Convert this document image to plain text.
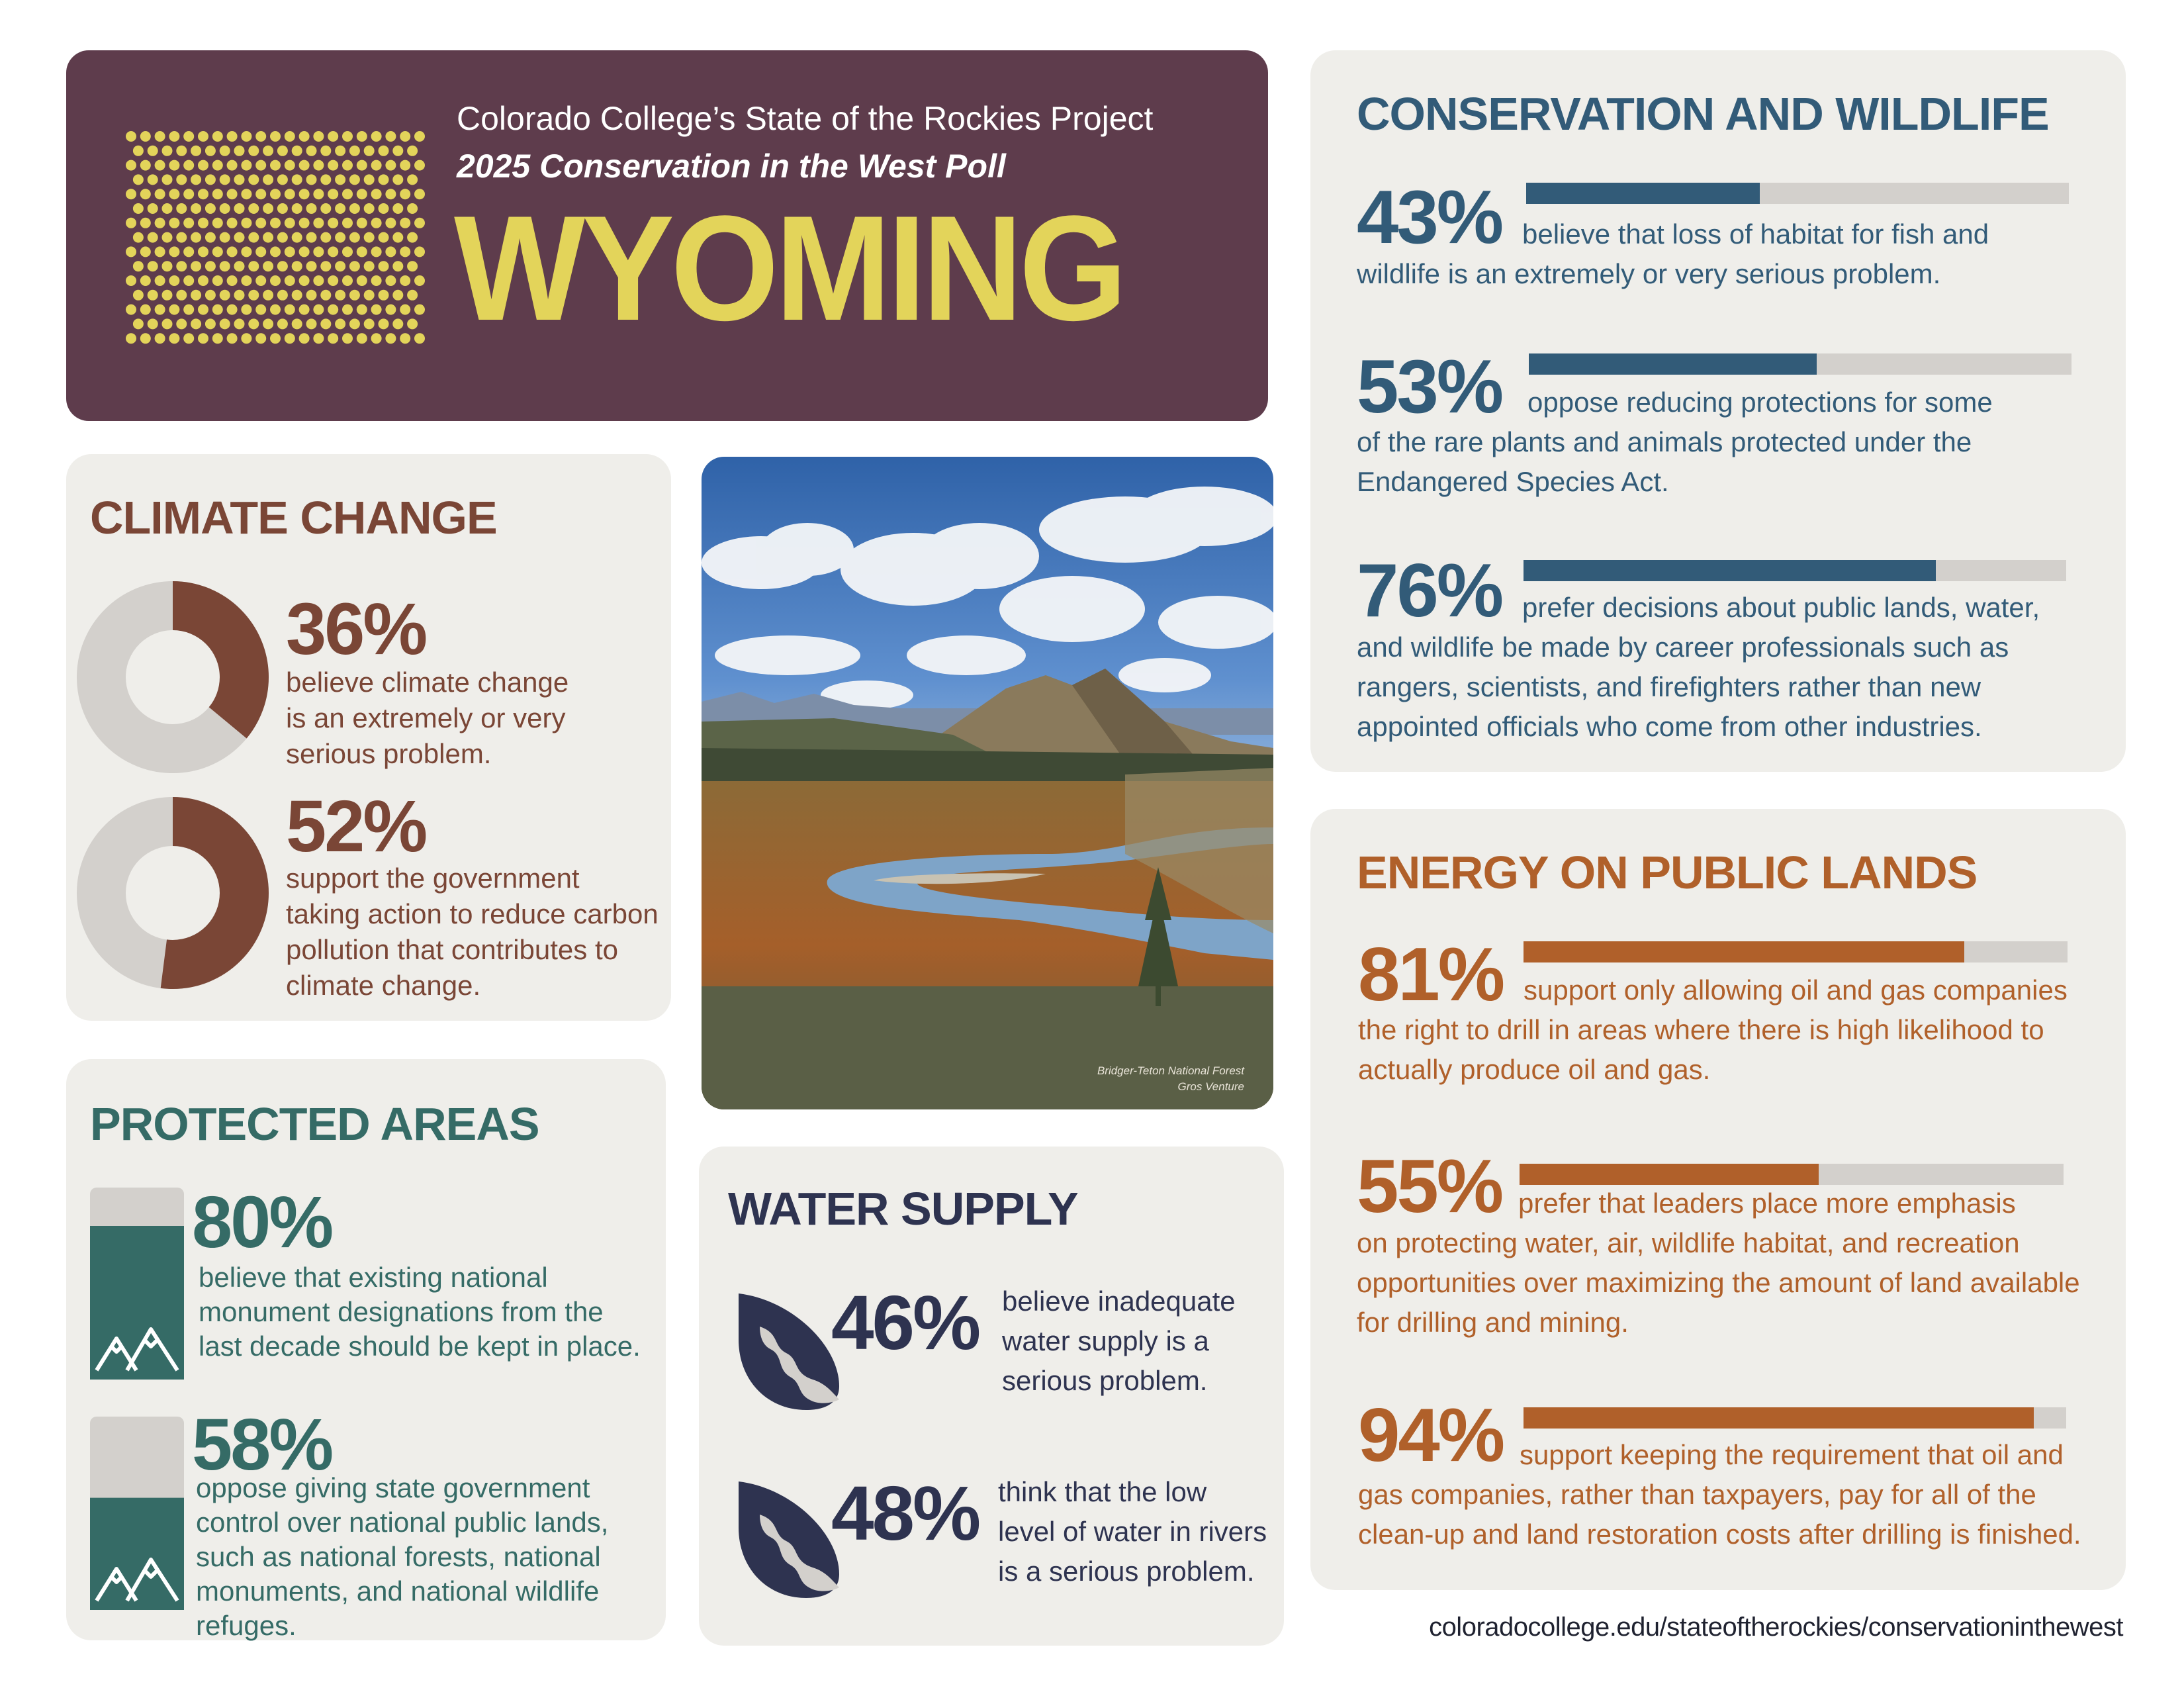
Colorado College’s State of the Rockies Project
2025 Conservation in the West Poll
WYOMING
CLIMATE CHANGE
36%
believe climate change
is an extremely or very
serious problem.
52%
support the government
taking action to reduce carbon
pollution that contributes to
climate change.
Bridger-Teton National Forest
Gros Venture
PROTECTED AREAS
80%
believe that existing national
monument designations from the
last decade should be kept in place.
58%
oppose giving state government
control over national public lands,
such as national forests, national
monuments, and national wildlife
refuges.
WATER SUPPLY
46% believe inadequate
water supply is a
serious problem.
48% think that the low
level of water in rivers
is a serious problem.
CONSERVATION AND WILDLIFE
43% believe that loss of habitat for fish and
wildlife is an extremely or very serious problem.
53% oppose reducing protections for some
of the rare plants and animals protected under the
Endangered Species Act.
76% prefer decisions about public lands, water,
and wildlife be made by career professionals such as
rangers, scientists, and firefighters rather than new
appointed officials who come from other industries.
ENERGY ON PUBLIC LANDS
81% support only allowing oil and gas companies
the right to drill in areas where there is high likelihood to
actually produce oil and gas.
55% prefer that leaders place more emphasis
on protecting water, air, wildlife habitat, and recreation
opportunities over maximizing the amount of land available
for drilling and mining.
94% support keeping the requirement that oil and
gas companies, rather than taxpayers, pay for all of the
clean-up and land restoration costs after drilling is finished.
coloradocollege.edu/stateoftherockies/conservationinthewest
